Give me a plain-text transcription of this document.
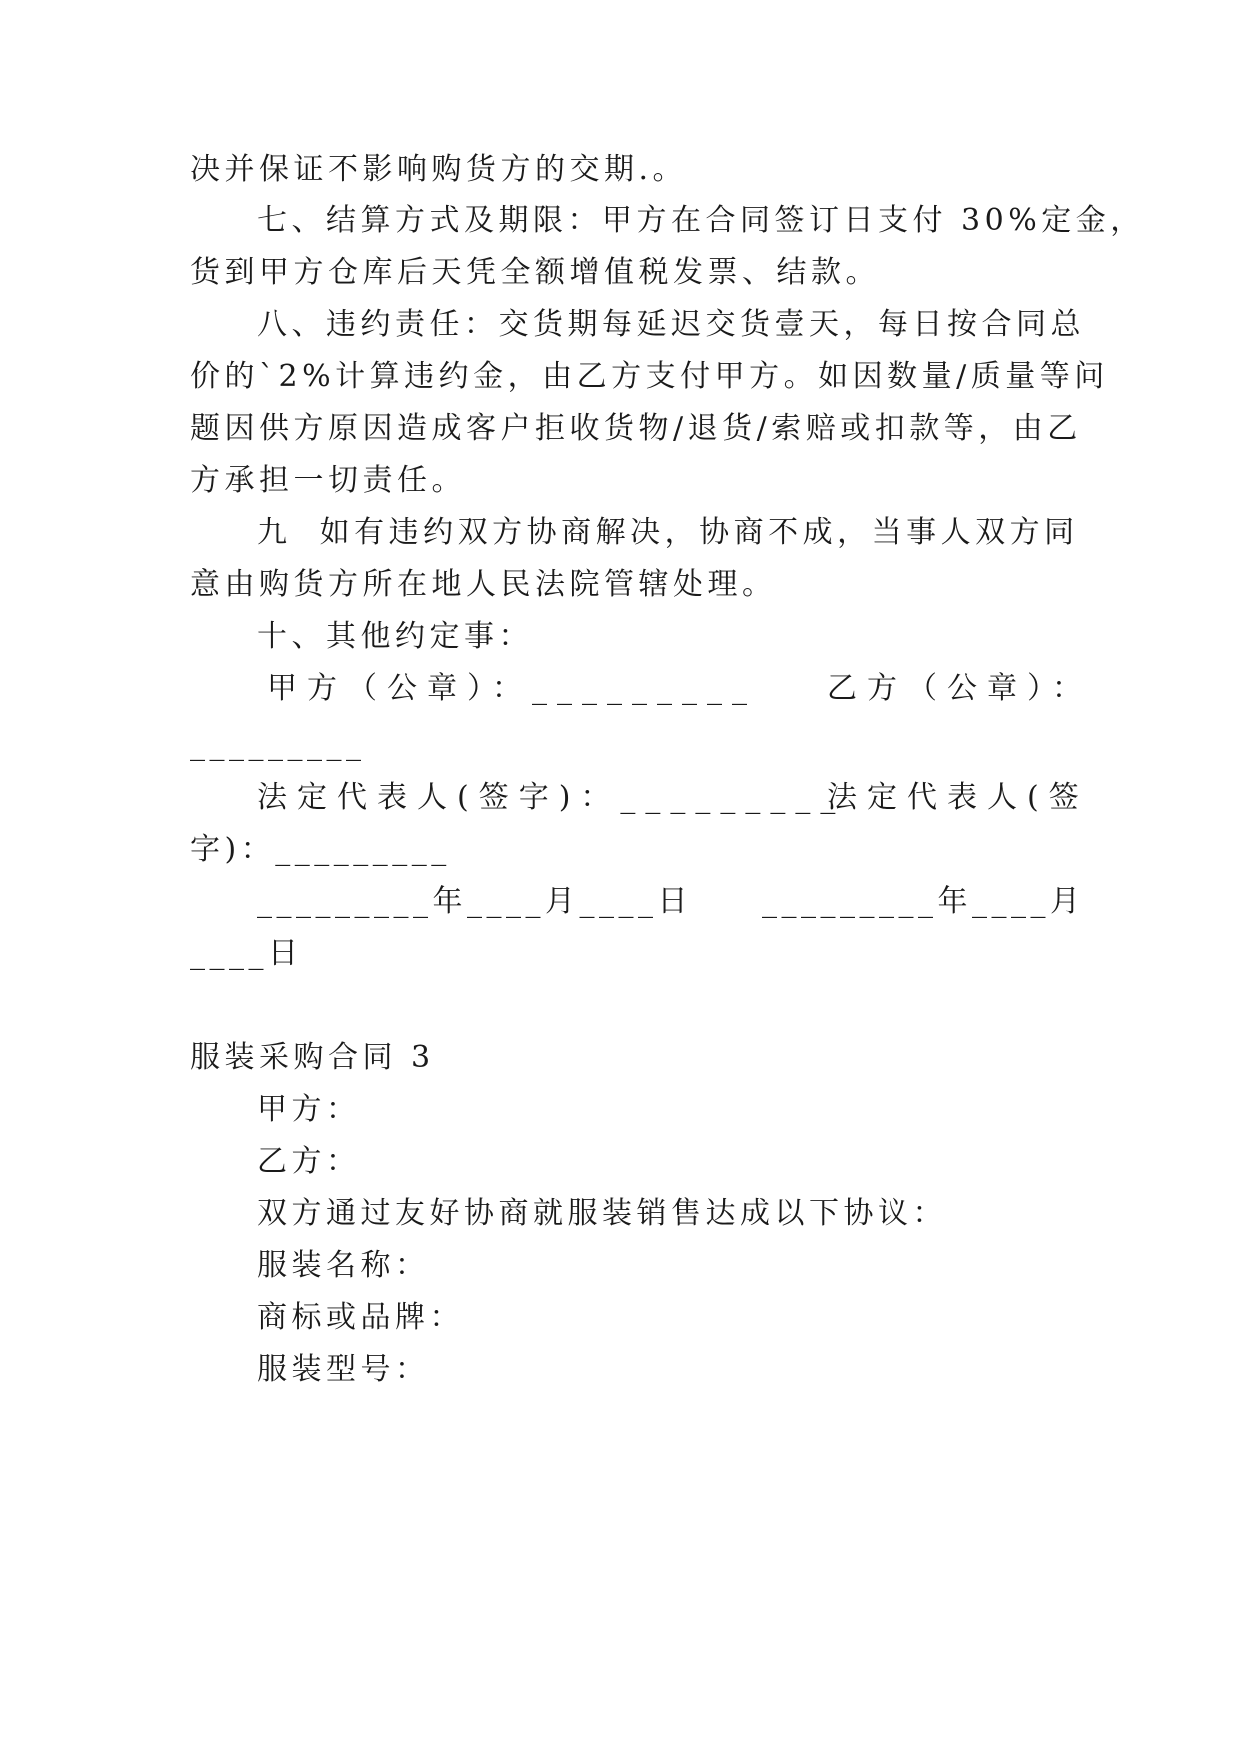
决并保证不影响购货方的交期.。
七、结算方式及期限：甲方在合同签订日支付 30%定金，
货到甲方仓库后天凭全额增值税发票、结款。
八、违约责任：交货期每延迟交货壹天，每日按合同总
价的`2%计算违约金，由乙方支付甲方。如因数量/质量等问
题因供方原因造成客户拒收货物/退货/索赔或扣款等，由乙
方承担一切责任。
九  如有违约双方协商解决，协商不成，当事人双方同
意由购货方所在地人民法院管辖处理。
十、其他约定事：
甲方（公章）：_________ 乙方（公章）：
_________
法定代表人(签字)：_________
法定代表人(签
字)：_________
_________年____月____日 _________年____月
____日
服装采购合同 3
甲方：
乙方：
双方通过友好协商就服装销售达成以下协议：
服装名称：
商标或品牌：
服装型号：
